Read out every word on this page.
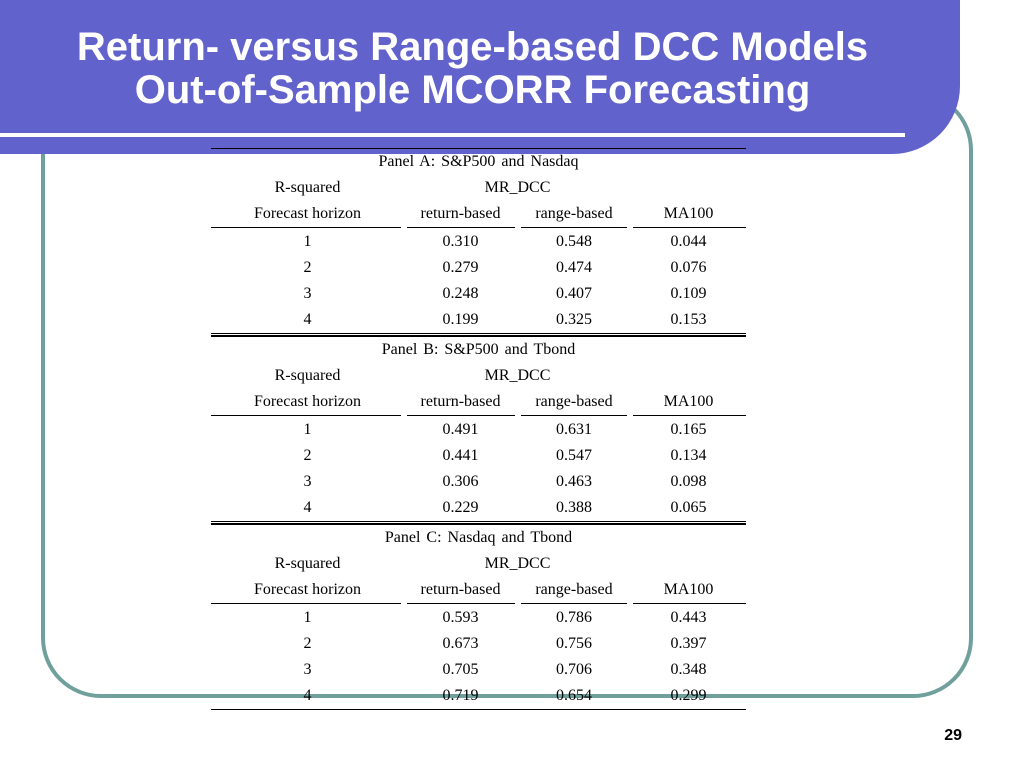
Return- versus Range-based DCC Models
Out-of-Sample MCORR Forecasting
Panel A: S&P500 and Nasdaq
R-squared	MR_DCC
Forecast horizon	return-based	range-based	MA100
1	0.310	0.548	0.044
2	0.279	0.474	0.076
3	0.248	0.407	0.109
4	0.199	0.325	0.153
Panel B: S&P500 and Tbond
R-squared	MR_DCC
Forecast horizon	return-based	range-based	MA100
1	0.491	0.631	0.165
2	0.441	0.547	0.134
3	0.306	0.463	0.098
4	0.229	0.388	0.065
Panel C: Nasdaq and Tbond
R-squared	MR_DCC
Forecast horizon	return-based	range-based	MA100
1	0.593	0.786	0.443
2	0.673	0.756	0.397
3	0.705	0.706	0.348
4	0.719	0.654	0.299
29
